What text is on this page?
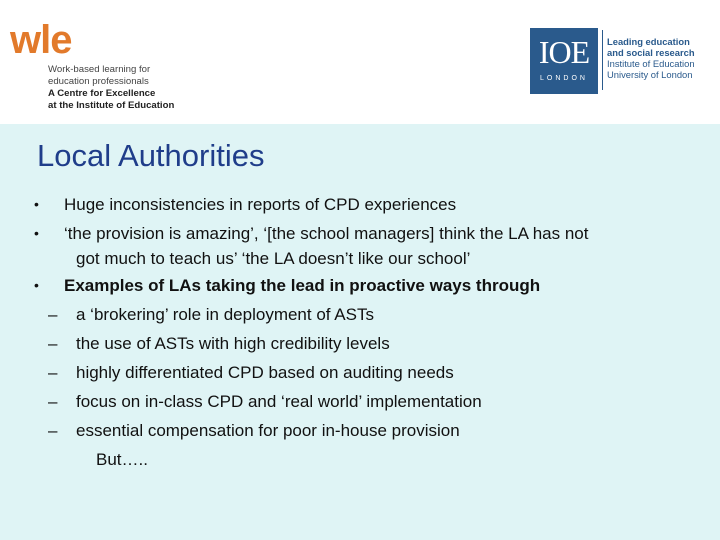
wle
Work-based learning for
education professionals
A Centre for Excellence
at the Institute of Education
IOE
LONDON
Leading education
and social research
Institute of Education
University of London
Local Authorities
• Huge inconsistencies in reports of CPD experiences
• ‘the provision is amazing’, ‘[the school managers] think the LA has not
got much to teach us’ ‘the LA doesn’t like our school’
• Examples of LAs taking the lead in proactive ways through
– a ‘brokering’ role in deployment of ASTs
– the use of ASTs with high credibility levels
– highly differentiated CPD based on auditing needs
– focus on in-class CPD and ‘real world’ implementation
– essential compensation for poor in-house provision
But…..
